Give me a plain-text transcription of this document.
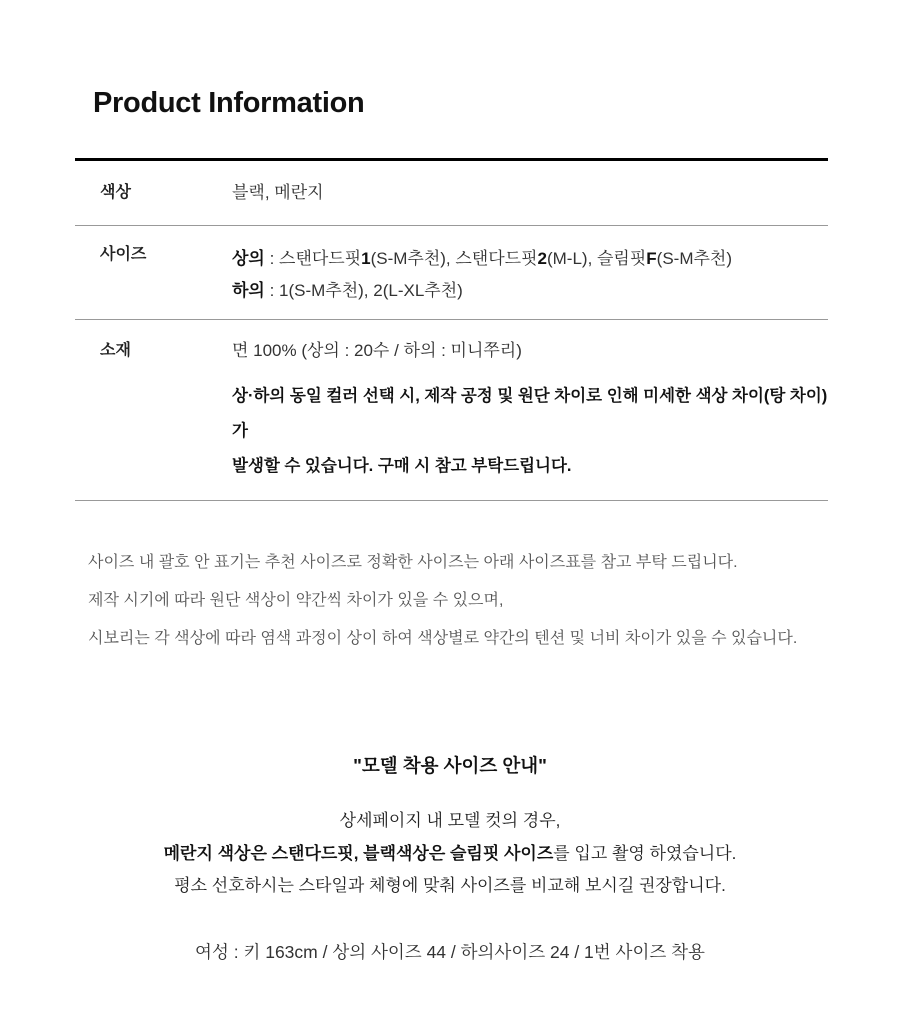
Product Information
색상	블랙, 메란지
사이즈	상의 : 스탠다드핏1(S-M추천), 스탠다드핏2(M-L), 슬림핏F(S-M추천)
하의 : 1(S-M추천), 2(L-XL추천)
소재	면 100% (상의 : 20수 / 하의 : 미니쭈리)
상·하의 동일 컬러 선택 시, 제작 공정 및 원단 차이로 인해 미세한 색상 차이(탕 차이)가
발생할 수 있습니다. 구매 시 참고 부탁드립니다.
사이즈 내 괄호 안 표기는 추천 사이즈로 정확한 사이즈는 아래 사이즈표를 참고 부탁 드립니다.
제작 시기에 따라 원단 색상이 약간씩 차이가 있을 수 있으며,
시보리는 각 색상에 따라 염색 과정이 상이 하여 색상별로 약간의 텐션 및 너비 차이가 있을 수 있습니다.
"모델 착용 사이즈 안내"
상세페이지 내 모델 컷의 경우,
메란지 색상은 스탠다드핏, 블랙색상은 슬림핏 사이즈를 입고 촬영 하였습니다.
평소 선호하시는 스타일과 체형에 맞춰 사이즈를 비교해 보시길 권장합니다.
여성 : 키 163cm / 상의 사이즈 44 / 하의사이즈 24 / 1번 사이즈 착용
